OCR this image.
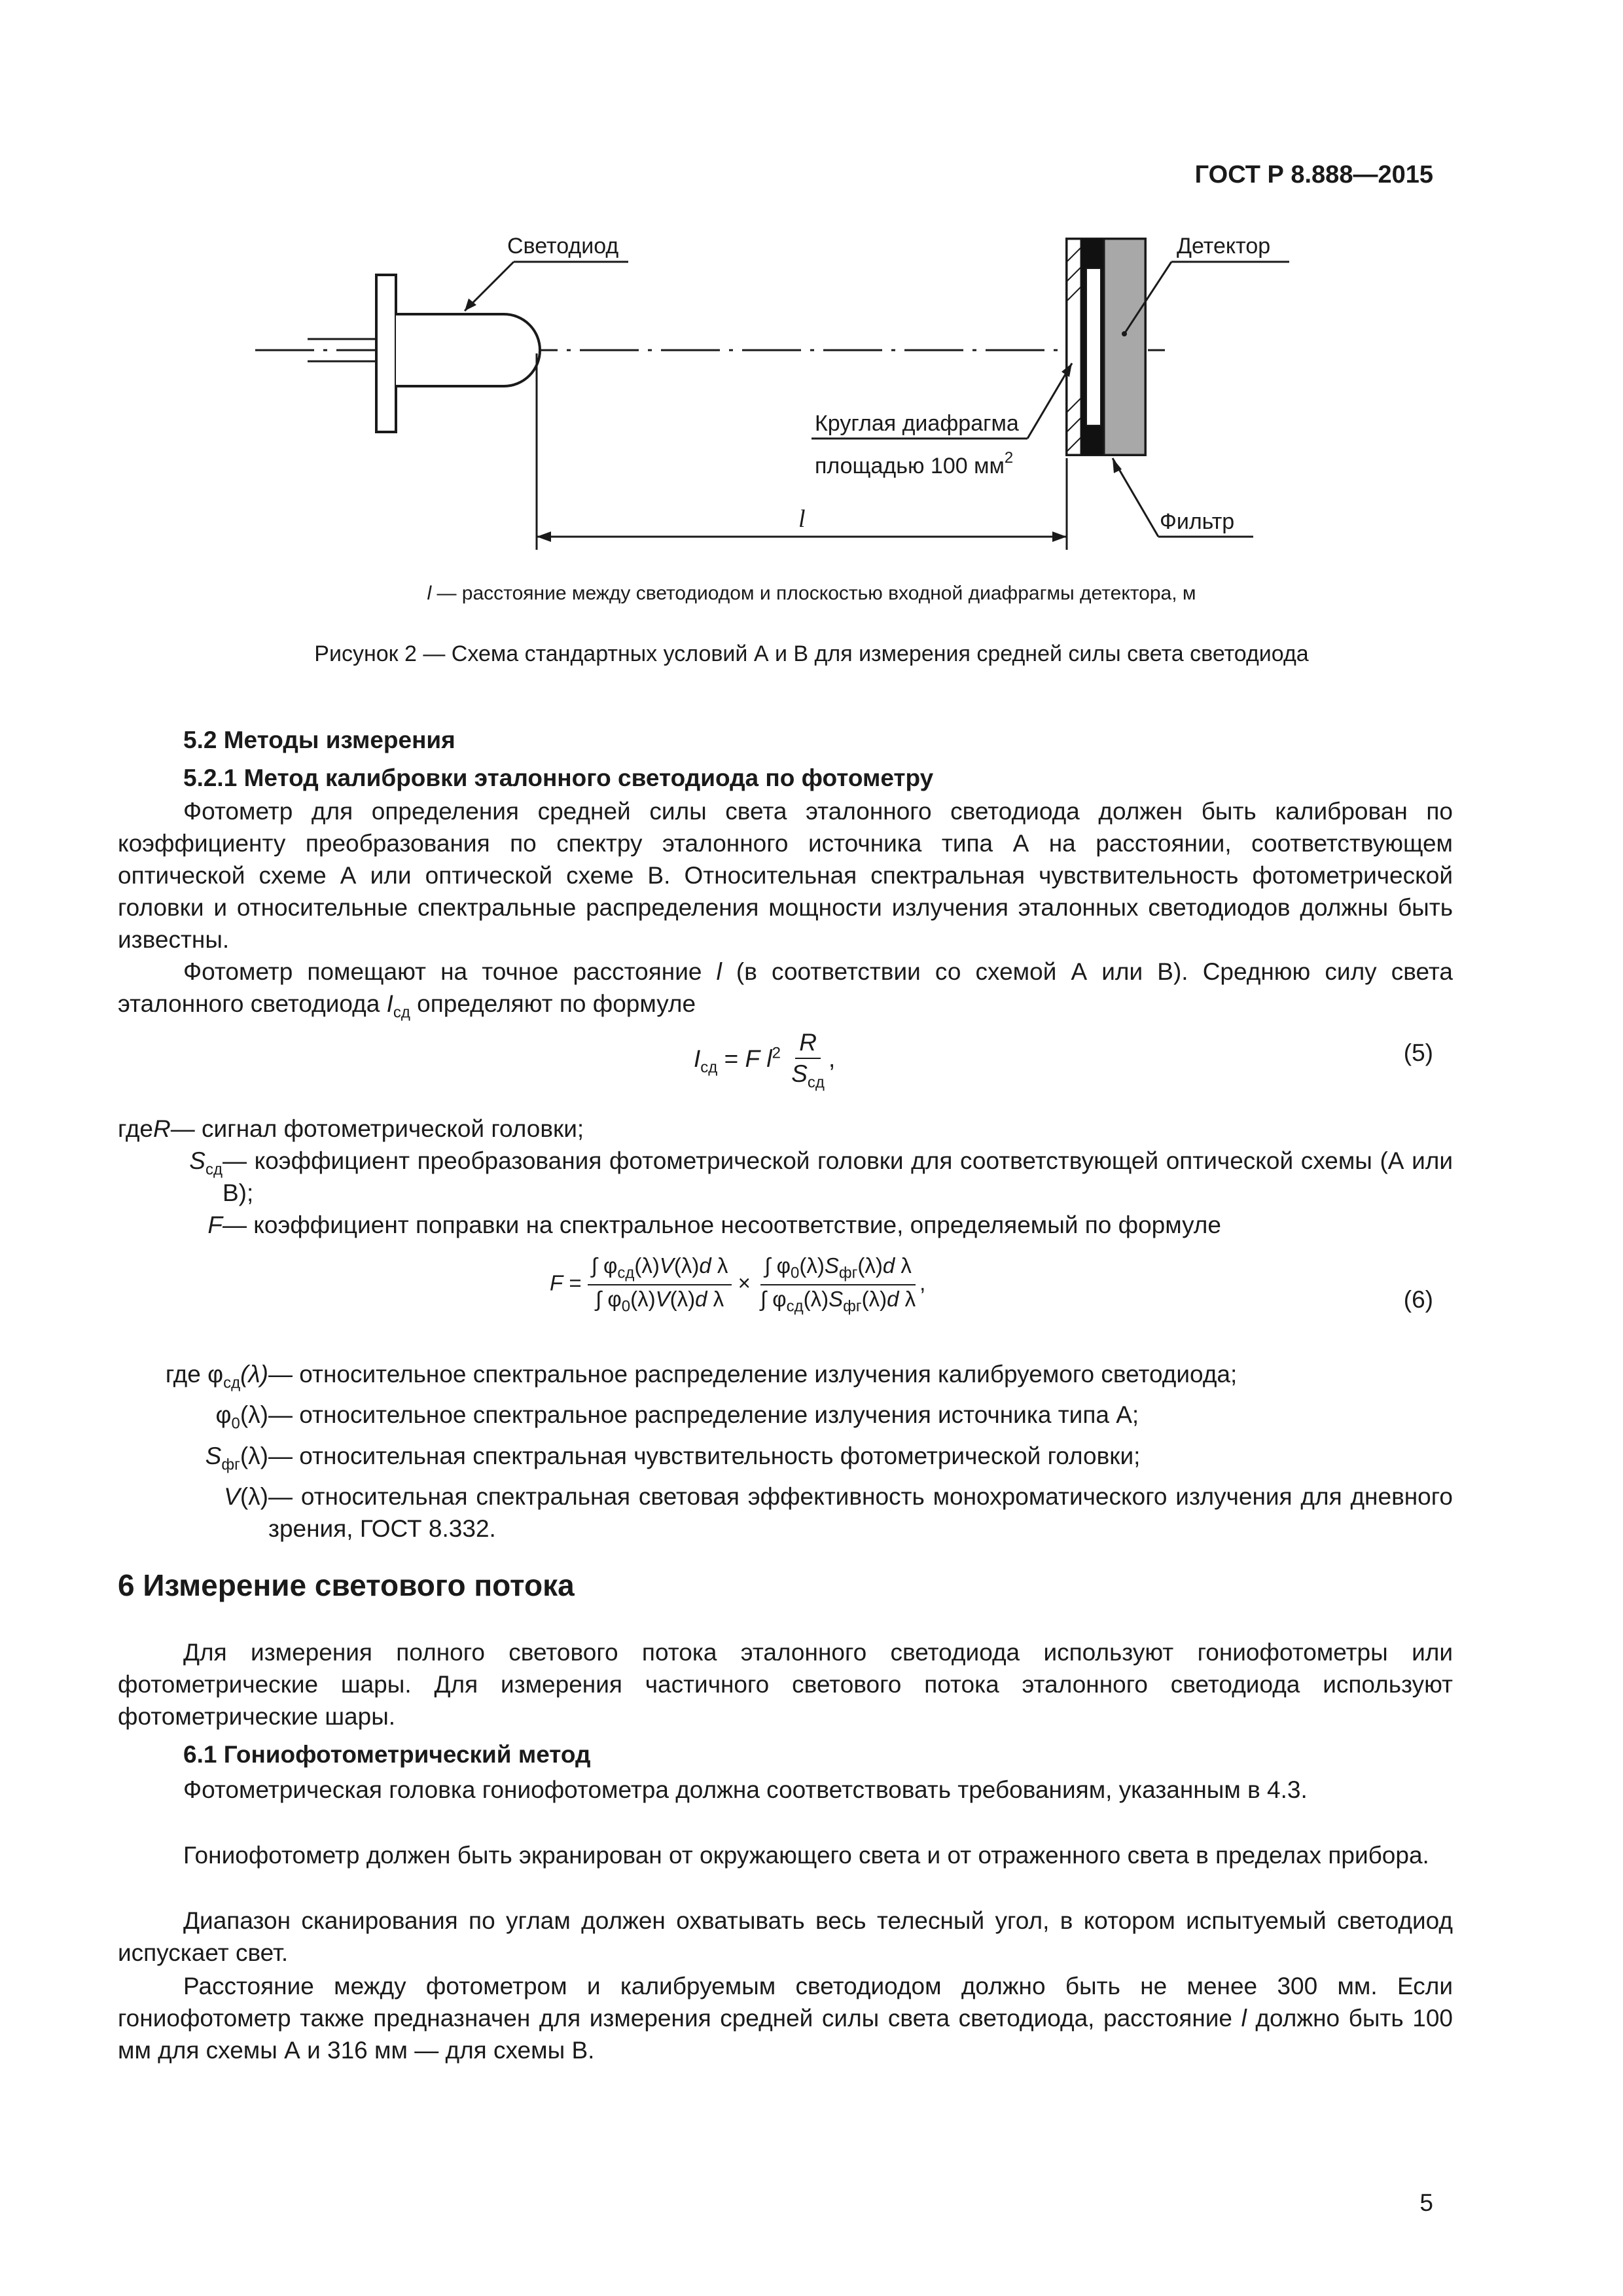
ГОСТ Р 8.888—2015
Светодиод	Детектор
Круглая диафрагма
площадью 100 $мм^2$
Фильтр
l
l — расстояние между светодиодом и плоскостью входной диафрагмы детектора, м
Рисунок 2 — Схема стандартных условий А и В для измерения средней силы света светодиода
5.2 Методы измерения
5.2.1 Метод калибровки эталонного светодиода по фотометру
Фотометр для определения средней силы света эталонного светодиода должен быть калиброван по коэффициенту преобразования по спектру эталонного источника типа А на расстоянии, соответствующем оптической схеме А или оптической схеме В. Относительная спектральная чувствительность фотометрической головки и относительные спектральные распределения мощности излучения эталонных светодиодов должны быть известны.
Фотометр помещают на точное расстояние l (в соответствии со схемой А или В). Среднюю силу света эталонного светодиода $I_{сд}$ определяют по формуле
$I_{сд} = F$ $l^2 \frac{R}{S_{сд}}$ ,	(5)
где R — сигнал фотометрической головки;
$S_{сд}$ — коэффициент преобразования фотометрической головки для соответствующей оптической схемы (А или В);
F — коэффициент поправки на спектральное несоответствие, определяемый по формуле
$F = \frac{\int \varphi_{сд}(\lambda)V(\lambda)d \lambda}{\int \varphi_0(\lambda)V(\lambda)d \lambda} \times \frac{\int \varphi_0(\lambda)S_{фг}(\lambda)d \lambda}{\int \varphi_{сд}(\lambda)S_{фг}(\lambda)d \lambda}$ ,
(6)
где $\varphi_{сд}(\lambda)$ — относительное спектральное распределение излучения калибруемого светодиода;
$\varphi_0(\lambda)$ — относительное спектральное распределение излучения источника типа А;
$S_{фг}(\lambda)$ — относительная спектральная чувствительность фотометрической головки;
V(λ) — относительная спектральная световая эффективность монохроматического излучения для дневного зрения, ГОСТ 8.332.
6 Измерение светового потока
Для измерения полного светового потока эталонного светодиода используют гониофотометры или фотометрические шары. Для измерения частичного светового потока эталонного светодиода используют фотометрические шары.
6.1 Гониофотометрический метод
Фотометрическая головка гониофотометра должна соответствовать требованиям, указанным в 4.3.
Гониофотометр должен быть экранирован от окружающего света и от отраженного света в пределах прибора.
Диапазон сканирования по углам должен охватывать весь телесный угол, в котором испытуемый светодиод испускает свет.
Расстояние между фотометром и калибруемым светодиодом должно быть не менее 300 мм. Если гониофотометр также предназначен для измерения средней силы света светодиода, расстояние l должно быть 100 мм для схемы А и 316 мм — для схемы В.
5
